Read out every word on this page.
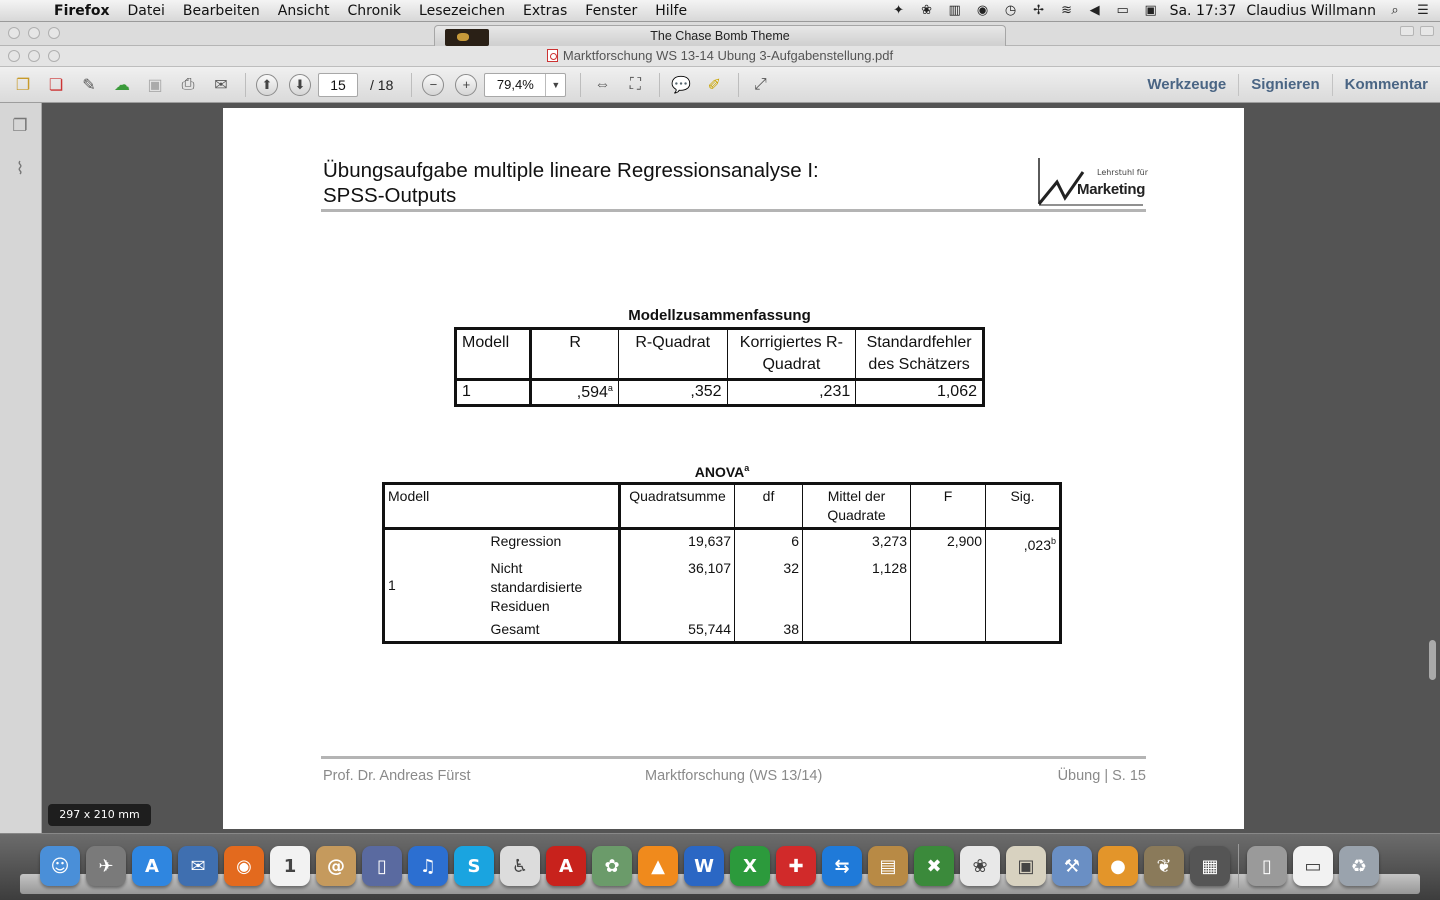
Firefox	Datei	Bearbeiten	Ansicht	Chronik	Lesezeichen	Extras	Fenster	Hilfe	✦ ❀ ▥ ◉ ◷ ✢ ≋	◀	▭ ▣ Sa. 17:37 Claudius Willmann	⌕	☰
The Chase Bomb Theme
Marktforschung WS 13-14 Ubung 3-Aufgabenstellung.pdf
❐ ❏ ✎ ☁ ▣ ⎙ ✉	⬆	⬇	15	/ 18	−	+	79,4%	▼	⇔ ⛶ 💬 ✐ ⤢	Werkzeuge	Signieren	Kommentar
❐
⌇	Übungsaufgabe multiple lineare Regressionsanalyse I:
SPSS-Outputs
Lehrstuhl für
Marketing
Modellzusammenfassung
Modell	R	R-Quadrat	Korrigiertes R-Quadrat	Standardfehler des Schätzers
1	,594$^a$	,352	,231	1,062
ANOVA$^a$
Modell		Quadratsumme	df	Mittel der Quadrate	F	Sig.
1	Regression	19,637	6	3,273	2,900	,023$^b$
	Nicht standardisierte Residuen	36,107	32	1,128		
	Gesamt	55,744	38			
Prof. Dr. Andreas Fürst	Marktforschung (WS 13/14)	Übung | S. 15
297 x 210 mm
☺	✈	A	✉	◉	1	@	▯	♫	S	♿	A	✿	▲	W	X	✚	⇆	▤	✖	❀	▣	⚒	●	❦	▦	▯	▭	♻
